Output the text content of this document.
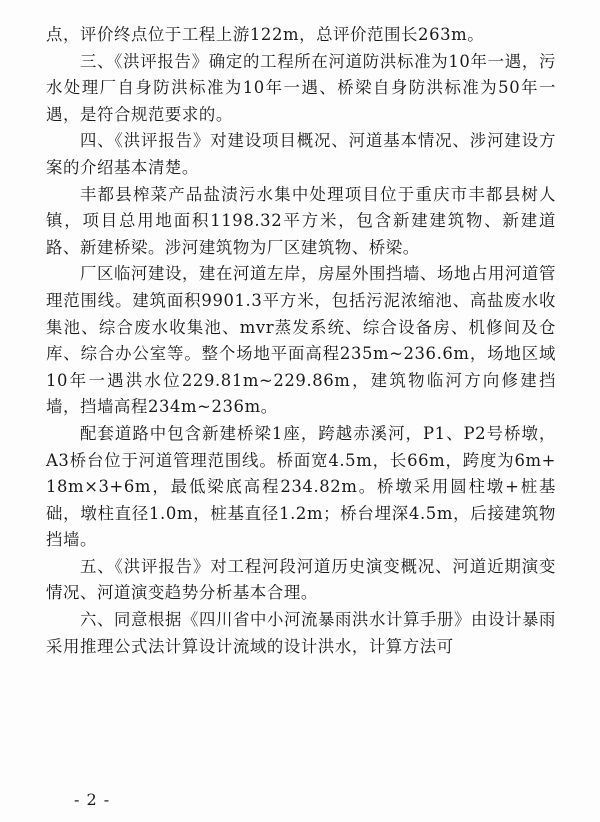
点，评价终点位于工程上游122m，总评价范围长263m。

三、《洪评报告》确定的工程所在河道防洪标准为10年一遇，污水处理厂自身防洪标准为10年一遇、桥梁自身防洪标准为50年一遇，是符合规范要求的。

四、《洪评报告》对建设项目概况、河道基本情况、涉河建设方案的介绍基本清楚。

丰都县榨菜产品盐渍污水集中处理项目位于重庆市丰都县树人镇，项目总用地面积1198.32平方米，包含新建建筑物、新建道路、新建桥梁。涉河建筑物为厂区建筑物、桥梁。

厂区临河建设，建在河道左岸，房屋外围挡墙、场地占用河道管理范围线。建筑面积9901.3平方米，包括污泥浓缩池、高盐废水收集池、综合废水收集池、mvr蒸发系统、综合设备房、机修间及仓库、综合办公室等。整个场地平面高程235m~236.6m，场地区域10年一遇洪水位229.81m~229.86m，建筑物临河方向修建挡墙，挡墙高程234m~236m。

配套道路中包含新建桥梁1座，跨越赤溪河，P1、P2号桥墩，A3桥台位于河道管理范围线。桥面宽4.5m，长66m，跨度为6m+18m×3+6m，最低梁底高程234.82m。桥墩采用圆柱墩+桩基础，墩柱直径1.0m，桩基直径1.2m；桥台埋深4.5m，后接建筑物挡墙。

五、《洪评报告》对工程河段河道历史演变概况、河道近期演变情况、河道演变趋势分析基本合理。

六、同意根据《四川省中小河流暴雨洪水计算手册》由设计暴雨采用推理公式法计算设计流域的设计洪水，计算方法可

- 2 -
